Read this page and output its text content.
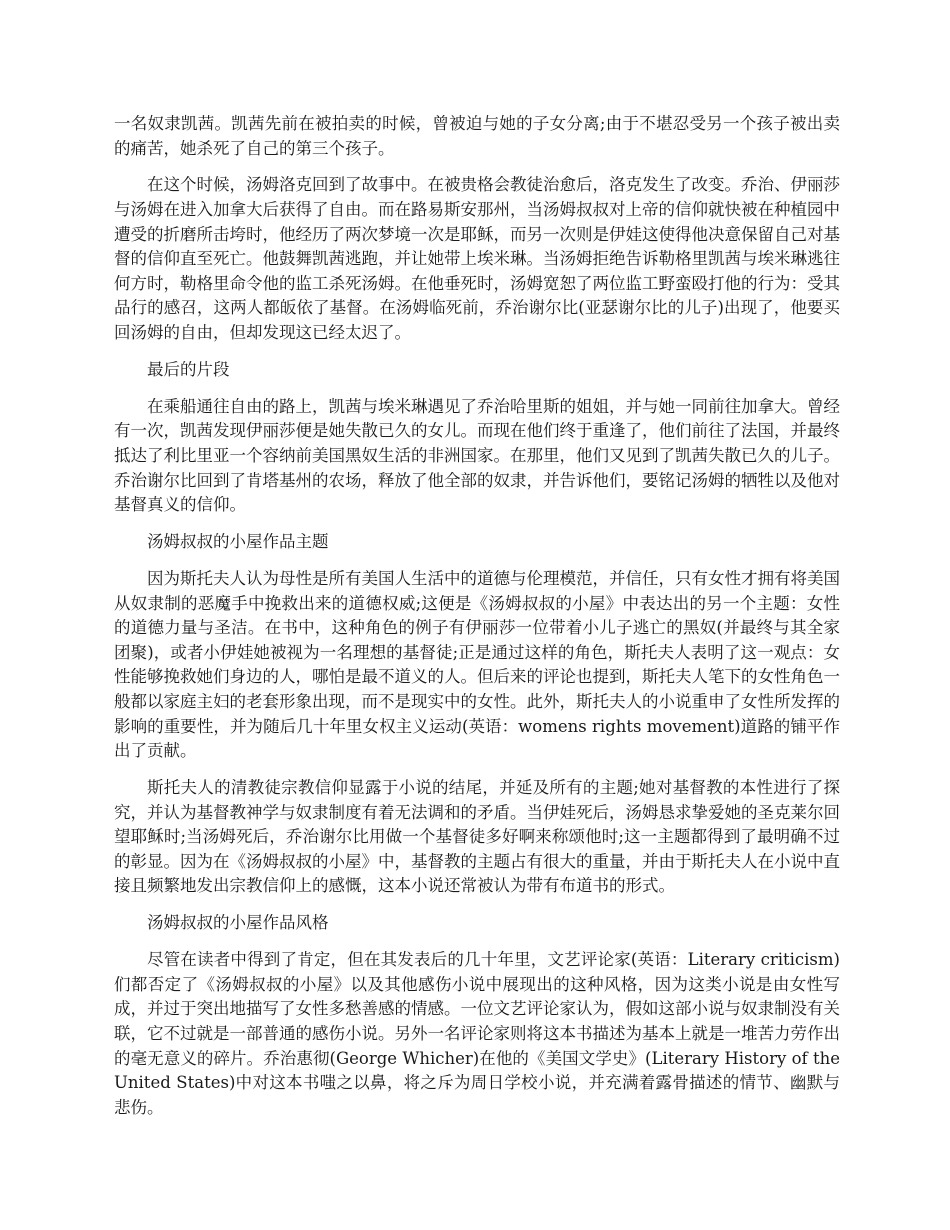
一名奴隶凯茜。凯茜先前在被拍卖的时候，曾被迫与她的子女分离;由于不堪忍受另一个孩子被出卖的痛苦，她杀死了自己的第三个孩子。

在这个时候，汤姆洛克回到了故事中。在被贵格会教徒治愈后，洛克发生了改变。乔治、伊丽莎与汤姆在进入加拿大后获得了自由。而在路易斯安那州，当汤姆叔叔对上帝的信仰就快被在种植园中遭受的折磨所击垮时，他经历了两次梦境一次是耶稣，而另一次则是伊娃这使得他决意保留自己对基督的信仰直至死亡。他鼓舞凯茜逃跑，并让她带上埃米琳。当汤姆拒绝告诉勒格里凯茜与埃米琳逃往何方时，勒格里命令他的监工杀死汤姆。在他垂死时，汤姆宽恕了两位监工野蛮殴打他的行为：受其品行的感召，这两人都皈依了基督。在汤姆临死前，乔治谢尔比(亚瑟谢尔比的儿子)出现了，他要买回汤姆的自由，但却发现这已经太迟了。

最后的片段

在乘船通往自由的路上，凯茜与埃米琳遇见了乔治哈里斯的姐姐，并与她一同前往加拿大。曾经有一次，凯茜发现伊丽莎便是她失散已久的女儿。而现在他们终于重逢了，他们前往了法国，并最终抵达了利比里亚一个容纳前美国黑奴生活的非洲国家。在那里，他们又见到了凯茜失散已久的儿子。乔治谢尔比回到了肯塔基州的农场，释放了他全部的奴隶，并告诉他们，要铭记汤姆的牺牲以及他对基督真义的信仰。

汤姆叔叔的小屋作品主题

因为斯托夫人认为母性是所有美国人生活中的道德与伦理模范，并信任，只有女性才拥有将美国从奴隶制的恶魔手中挽救出来的道德权威;这便是《汤姆叔叔的小屋》中表达出的另一个主题：女性的道德力量与圣洁。在书中，这种角色的例子有伊丽莎一位带着小儿子逃亡的黑奴(并最终与其全家团聚)，或者小伊娃她被视为一名理想的基督徒;正是通过这样的角色，斯托夫人表明了这一观点：女性能够挽救她们身边的人，哪怕是最不道义的人。但后来的评论也提到，斯托夫人笔下的女性角色一般都以家庭主妇的老套形象出现，而不是现实中的女性。此外，斯托夫人的小说重申了女性所发挥的影响的重要性，并为随后几十年里女权主义运动(英语：womens rights movement)道路的铺平作出了贡献。

斯托夫人的清教徒宗教信仰显露于小说的结尾，并延及所有的主题;她对基督教的本性进行了探究，并认为基督教神学与奴隶制度有着无法调和的矛盾。当伊娃死后，汤姆恳求挚爱她的圣克莱尔回望耶稣时;当汤姆死后，乔治谢尔比用做一个基督徒多好啊来称颂他时;这一主题都得到了最明确不过的彰显。因为在《汤姆叔叔的小屋》中，基督教的主题占有很大的重量，并由于斯托夫人在小说中直接且频繁地发出宗教信仰上的感慨，这本小说还常被认为带有布道书的形式。

汤姆叔叔的小屋作品风格

尽管在读者中得到了肯定，但在其发表后的几十年里，文艺评论家(英语：Literary criticism)们都否定了《汤姆叔叔的小屋》以及其他感伤小说中展现出的这种风格，因为这类小说是由女性写成，并过于突出地描写了女性多愁善感的情感。一位文艺评论家认为，假如这部小说与奴隶制没有关联，它不过就是一部普通的感伤小说。另外一名评论家则将这本书描述为基本上就是一堆苦力劳作出的毫无意义的碎片。乔治惠彻(George Whicher)在他的《美国文学史》(Literary History of the United States)中对这本书嗤之以鼻，将之斥为周日学校小说，并充满着露骨描述的情节、幽默与悲伤。
